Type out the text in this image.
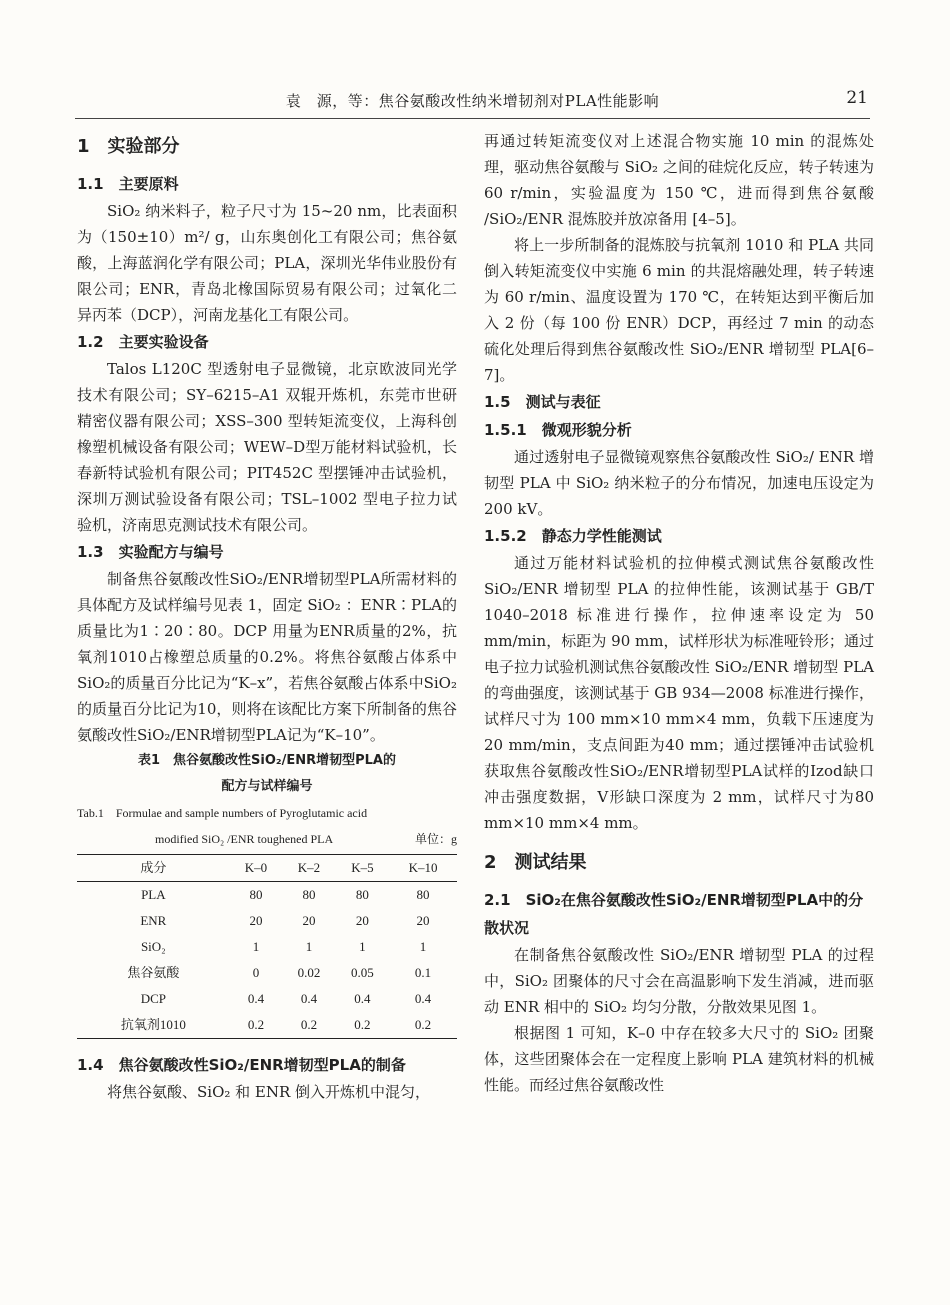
袁　源，等：焦谷氨酸改性纳米增韧剂对PLA性能影响	21
1　实验部分
1.1　主要原料

SiO₂ 纳米料子，粒子尺寸为 15~20 nm，比表面积为（150±10）m²/ g，山东奥创化工有限公司；焦谷氨酸，上海蓝润化学有限公司；PLA，深圳光华伟业股份有限公司；ENR，青岛北橡国际贸易有限公司；过氧化二异丙苯（DCP），河南龙基化工有限公司。

1.2　主要实验设备

Talos L120C 型透射电子显微镜，北京欧波同光学技术有限公司；SY–6215–A1 双辊开炼机，东莞市世研精密仪器有限公司；XSS–300 型转矩流变仪，上海科创橡塑机械设备有限公司；WEW–D型万能材料试验机，长春新特试验机有限公司；PIT452C 型摆锤冲击试验机，深圳万测试验设备有限公司；TSL–1002 型电子拉力试验机，济南思克测试技术有限公司。

1.3　实验配方与编号

制备焦谷氨酸改性SiO₂/ENR增韧型PLA所需材料的具体配方及试样编号见表 1，固定 SiO₂ ：ENR∶PLA的质量比为1∶20∶80。DCP 用量为ENR质量的2%，抗氧剂1010占橡塑总质量的0.2%。将焦谷氨酸占体系中SiO₂的质量百分比记为“K–x”，若焦谷氨酸占体系中SiO₂的质量百分比记为10，则将在该配比方案下所制备的焦谷氨酸改性SiO₂/ENR增韧型PLA记为“K–10”。

表1　焦谷氨酸改性SiO₂/ENR增韧型PLA的
配方与试样编号
Tab.1　Formulae and sample numbers of Pyroglutamic acid
modified SiO₂ /ENR toughened PLA	单位：g
成分	K–0	K–2	K–5	K–10
PLA	80	80	80	80
ENR	20	20	20	20
SiO₂	1	1	1	1
焦谷氨酸	0	0.02	0.05	0.1
DCP	0.4	0.4	0.4	0.4
抗氧剂1010	0.2	0.2	0.2	0.2
1.4　焦谷氨酸改性SiO₂/ENR增韧型PLA的制备

将焦谷氨酸、SiO₂ 和 ENR 倒入开炼机中混匀，

再通过转矩流变仪对上述混合物实施 10 min 的混炼处理，驱动焦谷氨酸与 SiO₂ 之间的硅烷化反应，转子转速为 60 r/min，实验温度为 150 ℃，进而得到焦谷氨酸 /SiO₂/ENR 混炼胶并放凉备用 [4–5]。

将上一步所制备的混炼胶与抗氧剂 1010 和 PLA 共同倒入转矩流变仪中实施 6 min 的共混熔融处理，转子转速为 60 r/min、温度设置为 170 ℃，在转矩达到平衡后加入 2 份（每 100 份 ENR）DCP，再经过 7 min 的动态硫化处理后得到焦谷氨酸改性 SiO₂/ENR 增韧型 PLA[6–7]。

1.5　测试与表征
1.5.1　微观形貌分析

通过透射电子显微镜观察焦谷氨酸改性 SiO₂/ ENR 增韧型 PLA 中 SiO₂ 纳米粒子的分布情况，加速电压设定为 200 kV。

1.5.2　静态力学性能测试

通过万能材料试验机的拉伸模式测试焦谷氨酸改性 SiO₂/ENR 增韧型 PLA 的拉伸性能，该测试基于 GB/T 1040–2018 标准进行操作，拉伸速率设定为 50 mm/min，标距为 90 mm，试样形状为标准哑铃形；通过电子拉力试验机测试焦谷氨酸改性 SiO₂/ENR 增韧型 PLA 的弯曲强度，该测试基于 GB 934—2008 标准进行操作，试样尺寸为 100 mm×10 mm×4 mm，负载下压速度为 20 mm/min，支点间距为40 mm；通过摆锤冲击试验机获取焦谷氨酸改性SiO₂/ENR增韧型PLA试样的Izod缺口冲击强度数据，V形缺口深度为 2 mm，试样尺寸为80 mm×10 mm×4 mm。

2　测试结果
2.1　SiO₂在焦谷氨酸改性SiO₂/ENR增韧型PLA中的分散状况

在制备焦谷氨酸改性 SiO₂/ENR 增韧型 PLA 的过程中，SiO₂ 团聚体的尺寸会在高温影响下发生消减，进而驱动 ENR 相中的 SiO₂ 均匀分散，分散效果见图 1。

根据图 1 可知，K–0 中存在较多大尺寸的 SiO₂ 团聚体，这些团聚体会在一定程度上影响 PLA 建筑材料的机械性能。而经过焦谷氨酸改性
